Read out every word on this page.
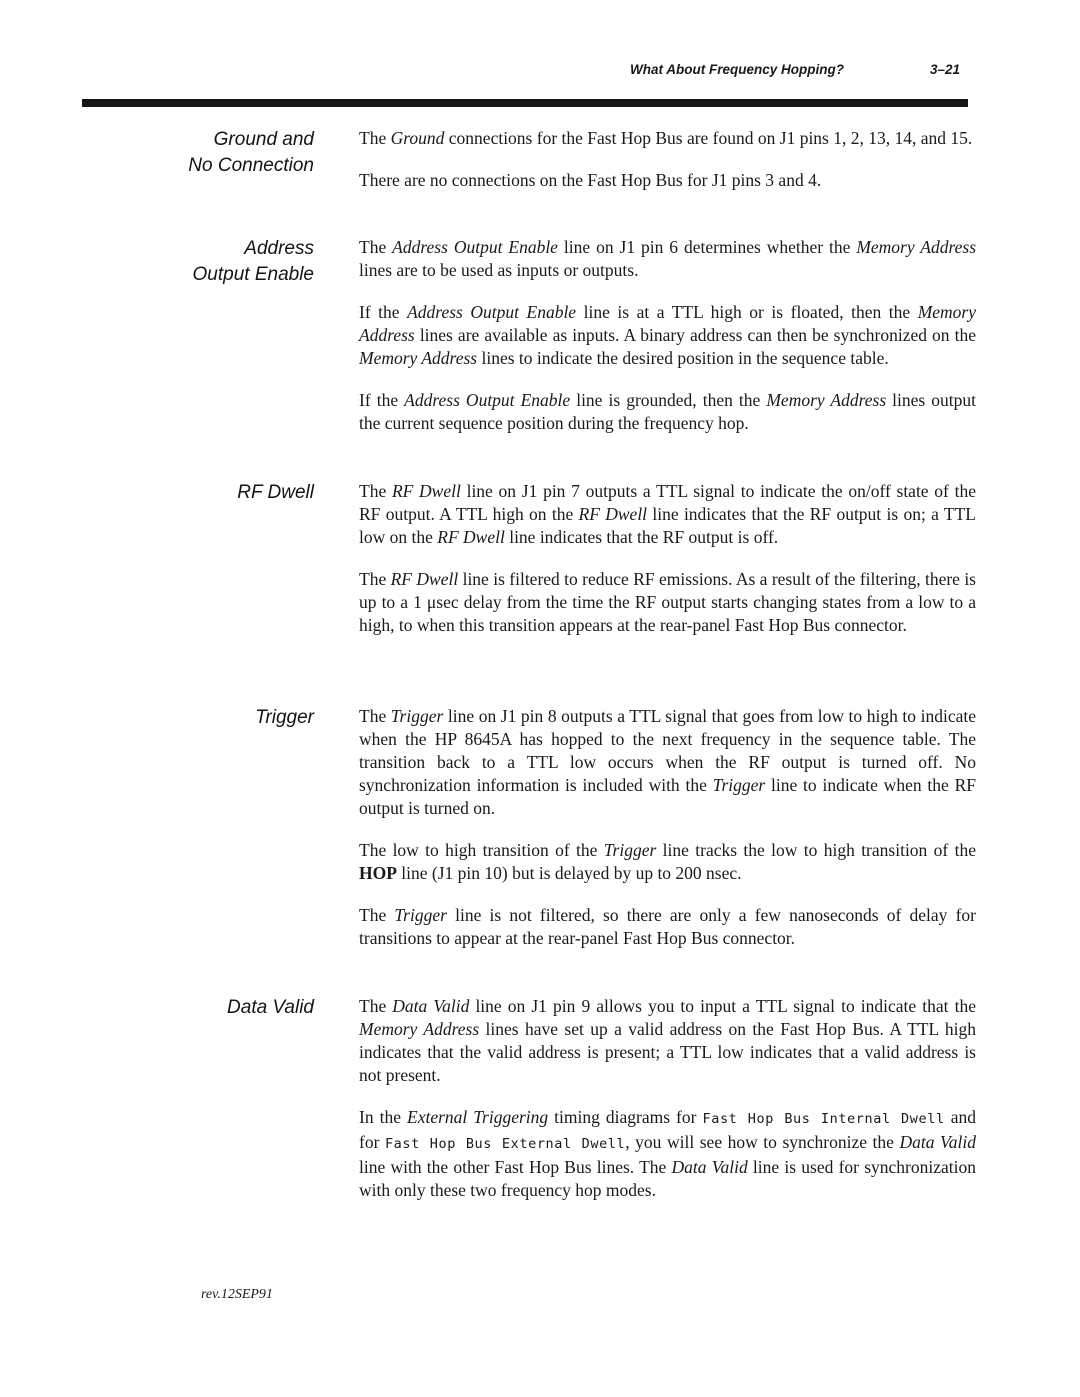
What About Frequency Hopping?	3–21
Ground and
No Connection

The Ground connections for the Fast Hop Bus are found on J1 pins 1, 2, 13, 14, and 15.

There are no connections on the Fast Hop Bus for J1 pins 3 and 4.

Address
Output Enable

The Address Output Enable line on J1 pin 6 determines whether the Memory Address lines are to be used as inputs or outputs.

If the Address Output Enable line is at a TTL high or is floated, then the Memory Address lines are available as inputs. A binary address can then be synchronized on the Memory Address lines to indicate the desired position in the sequence table.

If the Address Output Enable line is grounded, then the Memory Address lines output the current sequence position during the frequency hop.

RF Dwell	The RF Dwell line on J1 pin 7 outputs a TTL signal to indicate the on/off state of the RF output. A TTL high on the RF Dwell line indicates that the RF output is on; a TTL low on the RF Dwell line indicates that the RF output is off.

The RF Dwell line is filtered to reduce RF emissions. As a result of the filtering, there is up to a 1 μsec delay from the time the RF output starts changing states from a low to a high, to when this transition appears at the rear-panel Fast Hop Bus connector.

Trigger	The Trigger line on J1 pin 8 outputs a TTL signal that goes from low to high to indicate when the HP 8645A has hopped to the next frequency in the sequence table. The transition back to a TTL low occurs when the RF output is turned off. No synchronization information is included with the Trigger line to indicate when the RF output is turned on.

The low to high transition of the Trigger line tracks the low to high transition of the HOP line (J1 pin 10) but is delayed by up to 200 nsec.

The Trigger line is not filtered, so there are only a few nanoseconds of delay for transitions to appear at the rear-panel Fast Hop Bus connector.

Data Valid	The Data Valid line on J1 pin 9 allows you to input a TTL signal to indicate that the Memory Address lines have set up a valid address on the Fast Hop Bus. A TTL high indicates that the valid address is present; a TTL low indicates that a valid address is not present.

In the External Triggering timing diagrams for Fast Hop Bus Internal Dwell and for Fast Hop Bus External Dwell, you will see how to synchronize the Data Valid line with the other Fast Hop Bus lines. The Data Valid line is used for synchronization with only these two frequency hop modes.

rev.12SEP91
